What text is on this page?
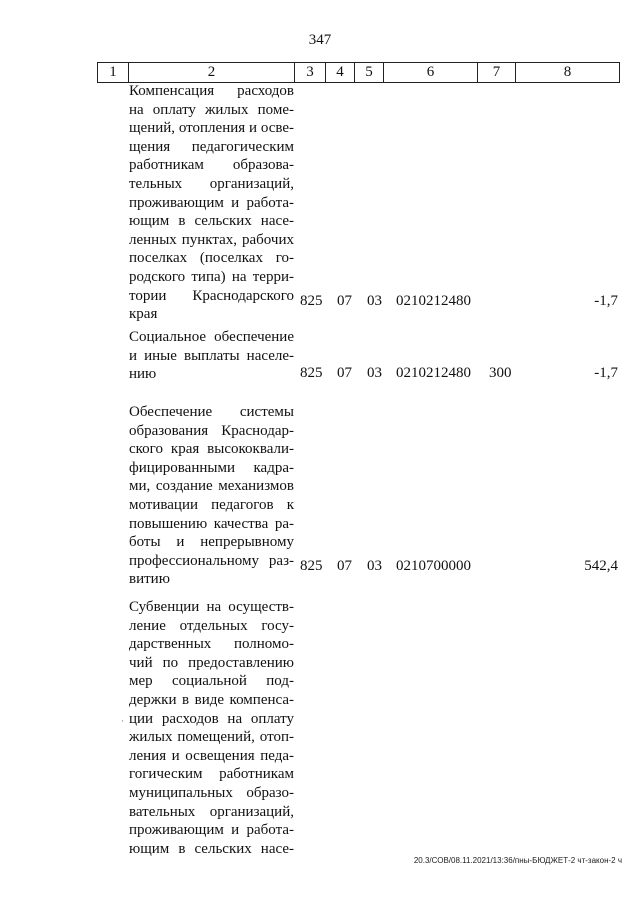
347
1	2	3	4	5	6	7	8
Компенсация расходов
на оплату жилых поме-
щений, отопления и осве-
щения педагогическим
работникам образова-
тельных организаций,
проживающим и работа-
ющим в сельских насе-
ленных пунктах, рабочих
поселках (поселках го-
родского типа) на терри-
тории Краснодарского
края
825 07 03 0210212480	-1,7
Социальное обеспечение
и иные выплаты населе-
нию	825 07 03 0210212480 300	-1,7
Обеспечение системы
образования Краснодар-
ского края высококвали-
фицированными кадра-
ми, создание механизмов
мотивации педагогов к
повышению качества ра-
боты и непрерывному
профессиональному раз-
витию
825 07 03 0210700000	542,4
Субвенции на осуществ-
ление отдельных госу-
дарственных полномо-
чий по предоставлению
мер социальной под-
держки в виде компенса-
ции расходов на оплату
жилых помещений, отоп-
ления и освещения педа-
гогическим работникам
муниципальных образо-
вательных организаций,
проживающим и работа-
ющим в сельских насе-
·
20.3/СОВ/08.11.2021/13:36/пны-БЮДЖЕТ-2 чт-закон-2 ч
